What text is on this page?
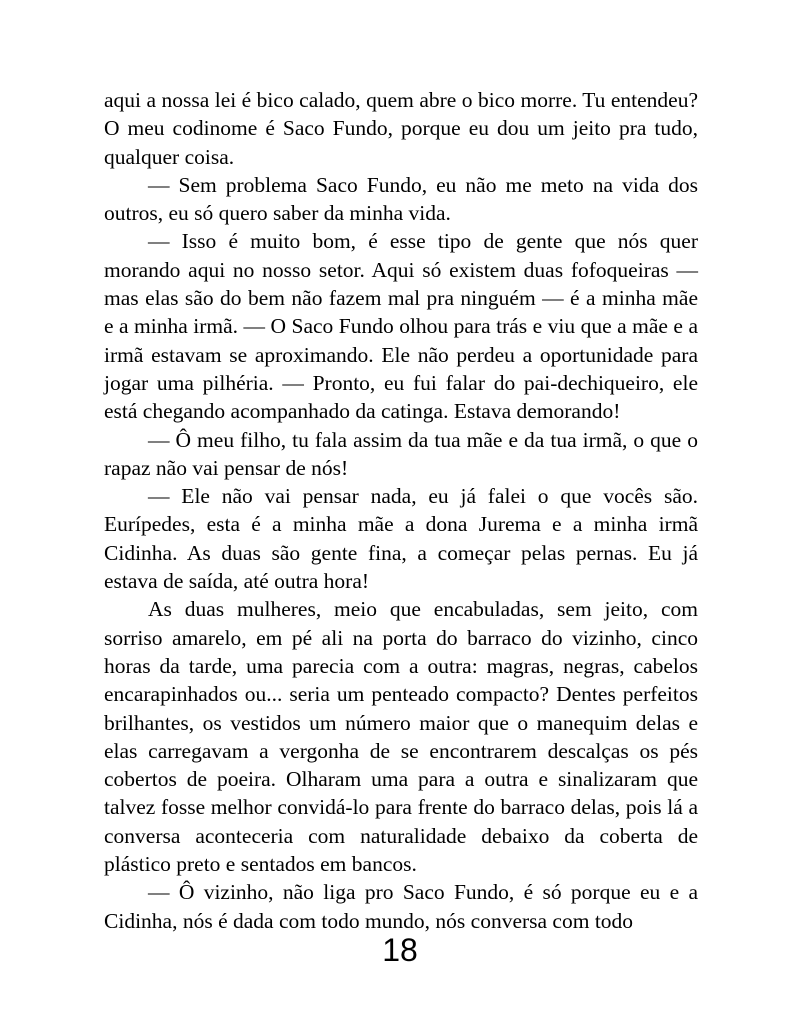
aqui a nossa lei é bico calado, quem abre o bico morre. Tu entendeu? O meu codinome é Saco Fundo, porque eu dou um jeito pra tudo, qualquer coisa.

— Sem problema Saco Fundo, eu não me meto na vida dos outros, eu só quero saber da minha vida.

— Isso é muito bom, é esse tipo de gente que nós quer morando aqui no nosso setor. Aqui só existem duas fofoqueiras — mas elas são do bem não fazem mal pra ninguém — é a minha mãe e a minha irmã. — O Saco Fundo olhou para trás e viu que a mãe e a irmã estavam se aproximando. Ele não perdeu a oportunidade para jogar uma pilhéria. — Pronto, eu fui falar do pai-dechiqueiro, ele está chegando acompanhado da catinga. Estava demorando!

— Ô meu filho, tu fala assim da tua mãe e da tua irmã, o que o rapaz não vai pensar de nós!

— Ele não vai pensar nada, eu já falei o que vocês são. Eurípedes, esta é a minha mãe a dona Jurema e a minha irmã Cidinha. As duas são gente fina, a começar pelas pernas. Eu já estava de saída, até outra hora!

As duas mulheres, meio que encabuladas, sem jeito, com sorriso amarelo, em pé ali na porta do barraco do vizinho, cinco horas da tarde, uma parecia com a outra: magras, negras, cabelos encarapinhados ou... seria um penteado compacto? Dentes perfeitos brilhantes, os vestidos um número maior que o manequim delas e elas carregavam a vergonha de se encontrarem descalças os pés cobertos de poeira. Olharam uma para a outra e sinalizaram que talvez fosse melhor convidá-lo para frente do barraco delas, pois lá a conversa aconteceria com naturalidade debaixo da coberta de plástico preto e sentados em bancos.

— Ô vizinho, não liga pro Saco Fundo, é só porque eu e a Cidinha, nós é dada com todo mundo, nós conversa com todo

18
